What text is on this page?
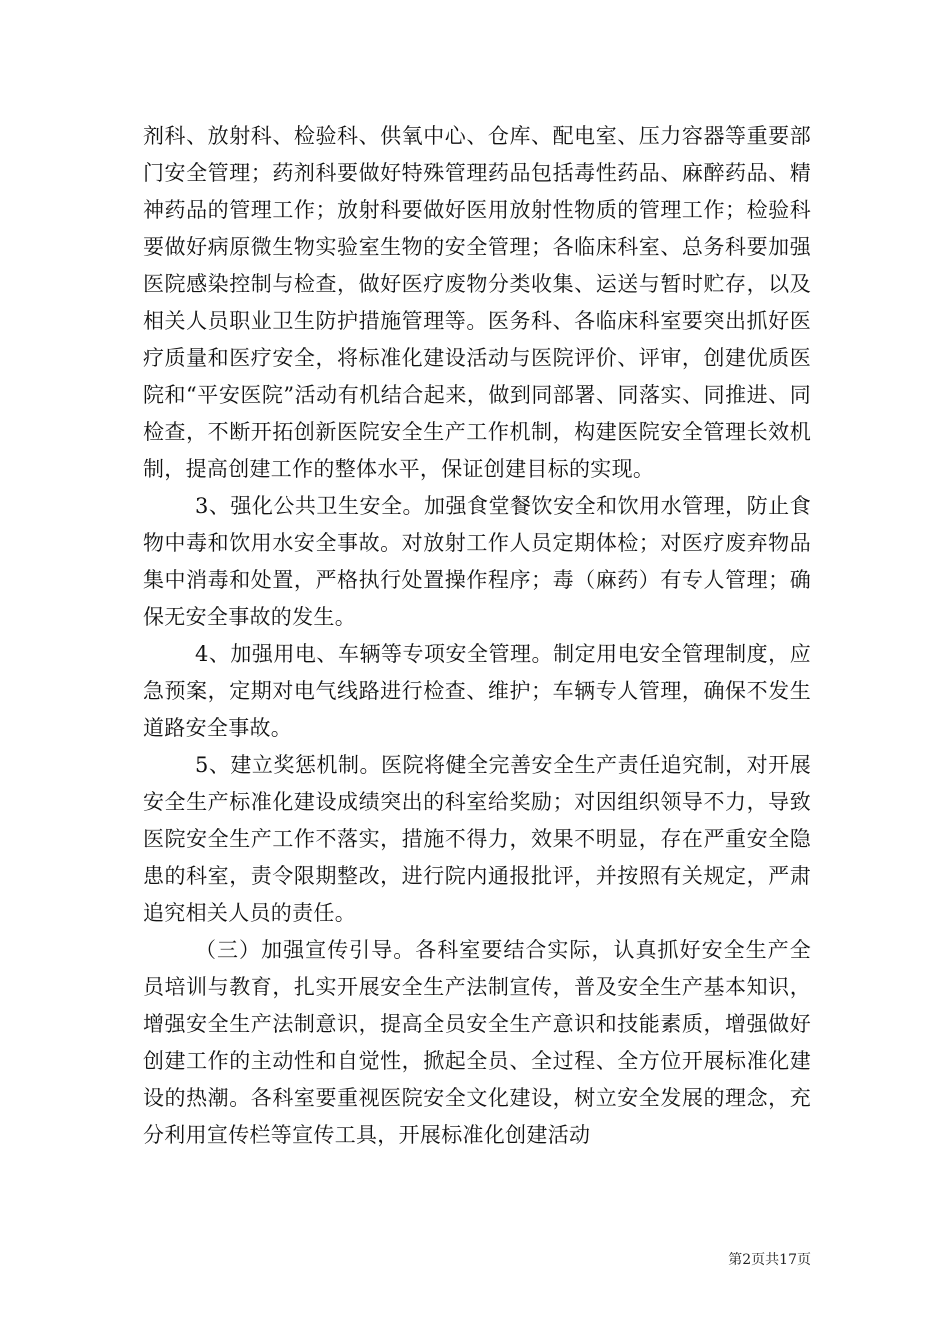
剂科、放射科、检验科、供氧中心、仓库、配电室、压力容器等重要部门安全管理；药剂科要做好特殊管理药品包括毒性药品、麻醉药品、精神药品的管理工作；放射科要做好医用放射性物质的管理工作；检验科要做好病原微生物实验室生物的安全管理；各临床科室、总务科要加强医院感染控制与检查，做好医疗废物分类收集、运送与暂时贮存，以及相关人员职业卫生防护措施管理等。医务科、各临床科室要突出抓好医疗质量和医疗安全，将标准化建设活动与医院评价、评审，创建优质医院和“平安医院”活动有机结合起来，做到同部署、同落实、同推进、同检查，不断开拓创新医院安全生产工作机制，构建医院安全管理长效机制，提高创建工作的整体水平，保证创建目标的实现。

3、强化公共卫生安全。加强食堂餐饮安全和饮用水管理，防止食物中毒和饮用水安全事故。对放射工作人员定期体检；对医疗废弃物品集中消毒和处置，严格执行处置操作程序；毒（麻药）有专人管理；确保无安全事故的发生。

4、加强用电、车辆等专项安全管理。制定用电安全管理制度，应急预案，定期对电气线路进行检查、维护；车辆专人管理，确保不发生道路安全事故。

5、建立奖惩机制。医院将健全完善安全生产责任追究制，对开展安全生产标准化建设成绩突出的科室给奖励；对因组织领导不力，导致医院安全生产工作不落实，措施不得力，效果不明显，存在严重安全隐患的科室，责令限期整改，进行院内通报批评，并按照有关规定，严肃追究相关人员的责任。

（三）加强宣传引导。各科室要结合实际，认真抓好安全生产全员培训与教育，扎实开展安全生产法制宣传，普及安全生产基本知识，增强安全生产法制意识，提高全员安全生产意识和技能素质，增强做好创建工作的主动性和自觉性，掀起全员、全过程、全方位开展标准化建设的热潮。各科室要重视医院安全文化建设，树立安全发展的理念，充分利用宣传栏等宣传工具，开展标准化创建活动

第2页共17页
